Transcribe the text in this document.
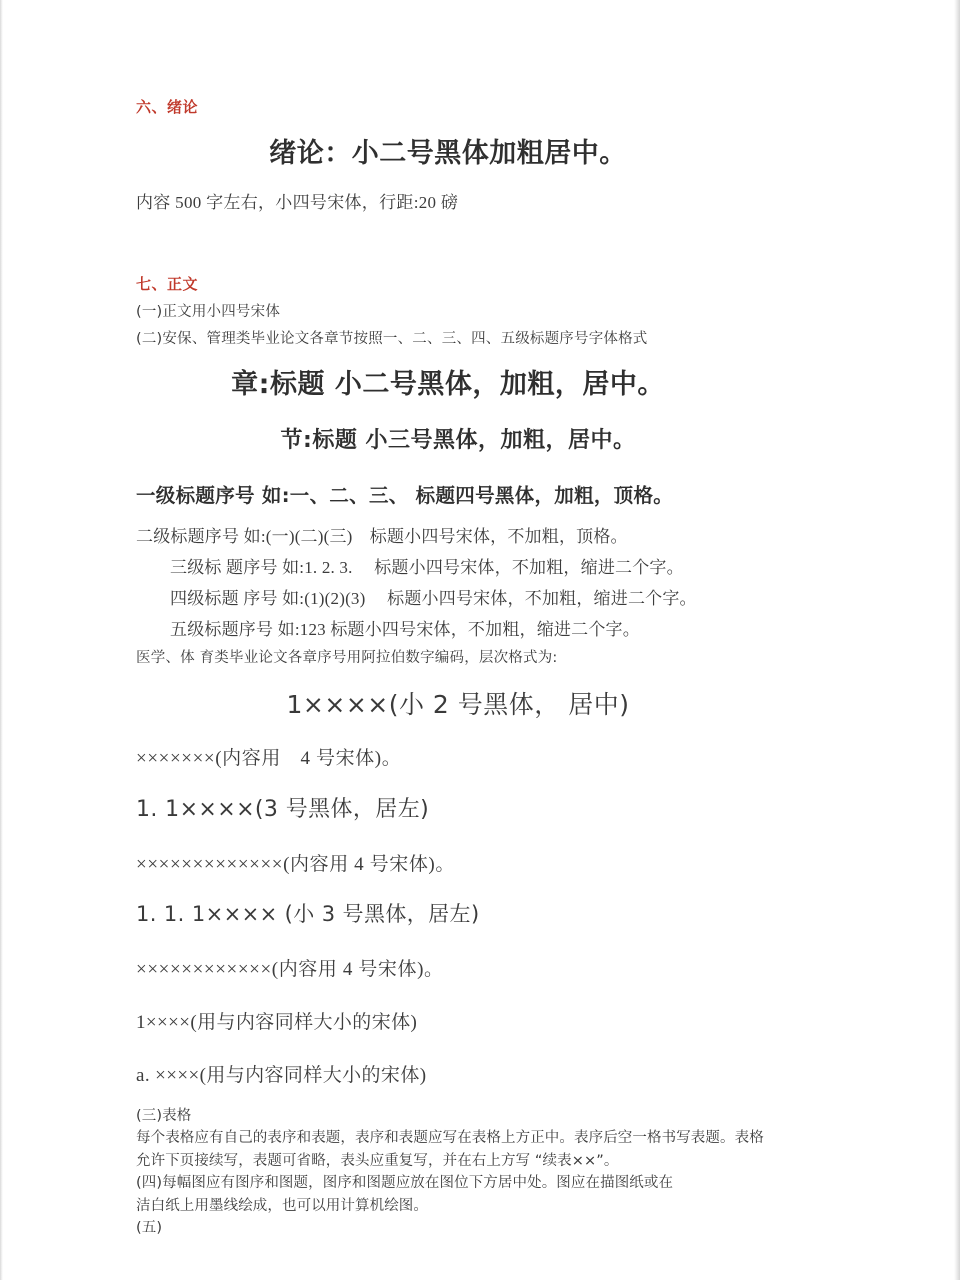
六、绪论

绪论：小二号黑体加粗居中。

内容 500 字左右，小四号宋体，行距:20 磅

七、正文

(一)正文用小四号宋体

(二)安保、管理类毕业论文各章节按照一、二、三、四、五级标题序号字体格式

章:标题 小二号黑体，加粗，居中。

节:标题 小三号黑体，加粗，居中。

一级标题序号 如:一、二、三、 标题四号黑体，加粗，顶格。

二级标题序号 如:(一)(二)(三)　标题小四号宋体，不加粗，顶格。

三级标 题序号 如:1. 2. 3.　 标题小四号宋体，不加粗，缩进二个字。

四级标题 序号 如:(1)(2)(3)　 标题小四号宋体，不加粗，缩进二个字。

五级标题序号 如:123 标题小四号宋体，不加粗，缩进二个字。

医学、体 育类毕业论文各章序号用阿拉伯数字编码，层次格式为:

1××××(小 2 号黑体， 居中)

×××××××(内容用　4 号宋体)。

1. 1××××(3 号黑体，居左)

×××××××××××××(内容用 4 号宋体)。

1. 1. 1×××× (小 3 号黑体，居左)

××××××××××××(内容用 4 号宋体)。

1××××(用与内容同样大小的宋体)

a. ××××(用与内容同样大小的宋体)

(三)表格

每个表格应有自己的表序和表题，表序和表题应写在表格上方正中。表序后空一格书写表题。表格

允许下页接续写，表题可省略，表头应重复写，并在右上方写 “续表××”。

(四)每幅图应有图序和图题，图序和图题应放在图位下方居中处。图应在描图纸或在

洁白纸上用墨线绘成，也可以用计算机绘图。

(五)
